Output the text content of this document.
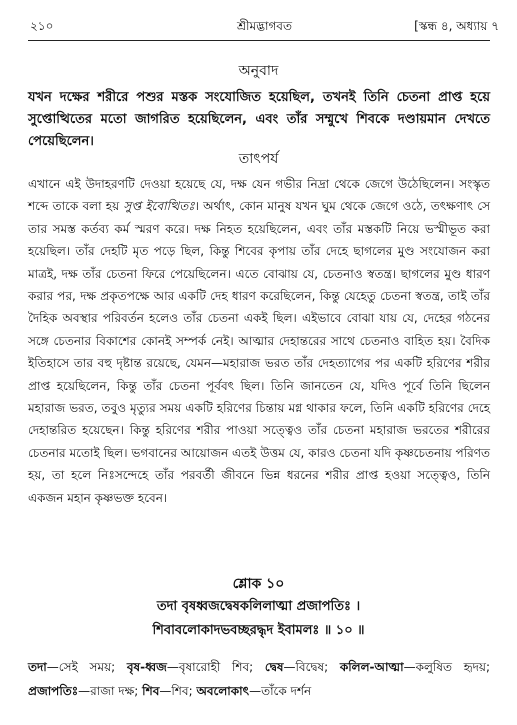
২১০	শ্রীমদ্ভাগবত	[স্কন্ধ ৪, অধ্যায় ৭
অনুবাদ
যখন দক্ষের শরীরে পশুর মস্তক সংযোজিত হয়েছিল, তখনই তিনি চেতনা প্রাপ্ত হয়ে সুপ্তোত্থিতের মতো জাগরিত হয়েছিলেন, এবং তাঁর সম্মুখে শিবকে দণ্ডায়মান দেখতে পেয়েছিলেন।
তাৎপর্য

এখানে এই উদাহরণটি দেওয়া হয়েছে যে, দক্ষ যেন গভীর নিদ্রা থেকে জেগে উঠেছিলেন। সংস্কৃত শব্দে তাকে বলা হয় সুপ্ত ইবোত্থিতঃ। অর্থাৎ, কোন মানুষ যখন ঘুম থেকে জেগে ওঠে, তৎক্ষণাৎ সে তার সমস্ত কর্তব্য কর্ম স্মরণ করে। দক্ষ নিহত হয়েছিলেন, এবং তাঁর মস্তকটি নিয়ে ভস্মীভূত করা হয়েছিল। তাঁর দেহটি মৃত পড়ে ছিল, কিন্তু শিবের কৃপায় তাঁর দেহে ছাগলের মুণ্ড সংযোজন করা মাত্রই, দক্ষ তাঁর চেতনা ফিরে পেয়েছিলেন। এতে বোঝায় যে, চেতনাও স্বতন্ত্র। ছাগলের মুণ্ড ধারণ করার পর, দক্ষ প্রকৃতপক্ষে আর একটি দেহ ধারণ করেছিলেন, কিন্তু যেহেতু চেতনা স্বতন্ত্র, তাই তাঁর দৈহিক অবস্থার পরিবর্তন হলেও তাঁর চেতনা একই ছিল। এইভাবে বোঝা যায় যে, দেহের গঠনের সঙ্গে চেতনার বিকাশের কোনই সম্পর্ক নেই। আত্মার দেহান্তরের সাথে চেতনাও বাহিত হয়। বৈদিক ইতিহাসে তার বহু দৃষ্টান্ত রয়েছে, যেমন—মহারাজ ভরত তাঁর দেহত্যাগের পর একটি হরিণের শরীর প্রাপ্ত হয়েছিলেন, কিন্তু তাঁর চেতনা পূর্ববৎ ছিল। তিনি জানতেন যে, যদিও পূর্বে তিনি ছিলেন মহারাজ ভরত, তবুও মৃত্যুর সময় একটি হরিণের চিন্তায় মগ্ন থাকার ফলে, তিনি একটি হরিণের দেহে দেহান্তরিত হয়েছেন। কিন্তু হরিণের শরীর পাওয়া সত্ত্বেও তাঁর চেতনা মহারাজ ভরতের শরীরের চেতনার মতোই ছিল। ভগবানের আয়োজন এতই উত্তম যে, কারও চেতনা যদি কৃষ্ণচেতনায় পরিণত হয়, তা হলে নিঃসন্দেহে তাঁর পরবর্তী জীবনে ভিন্ন ধরনের শরীর প্রাপ্ত হওয়া সত্ত্বেও, তিনি একজন মহান কৃষ্ণভক্ত হবেন।

শ্লোক ১০
তদা বৃষধ্বজদ্বেষকলিলাত্মা প্রজাপতিঃ ।
শিবাবলোকাদভবচ্ছরদ্ধৃদ ইবামলঃ ॥ ১০ ॥
তদা—সেই সময়; বৃষ-ধ্বজ—বৃষারোহী শিব; দ্বেষ—বিদ্বেষ; কলিল-আত্মা—কলুষিত হৃদয়; প্রজাপতিঃ—রাজা দক্ষ; শিব—শিব; অবলোকাৎ—তাঁকে দর্শন
